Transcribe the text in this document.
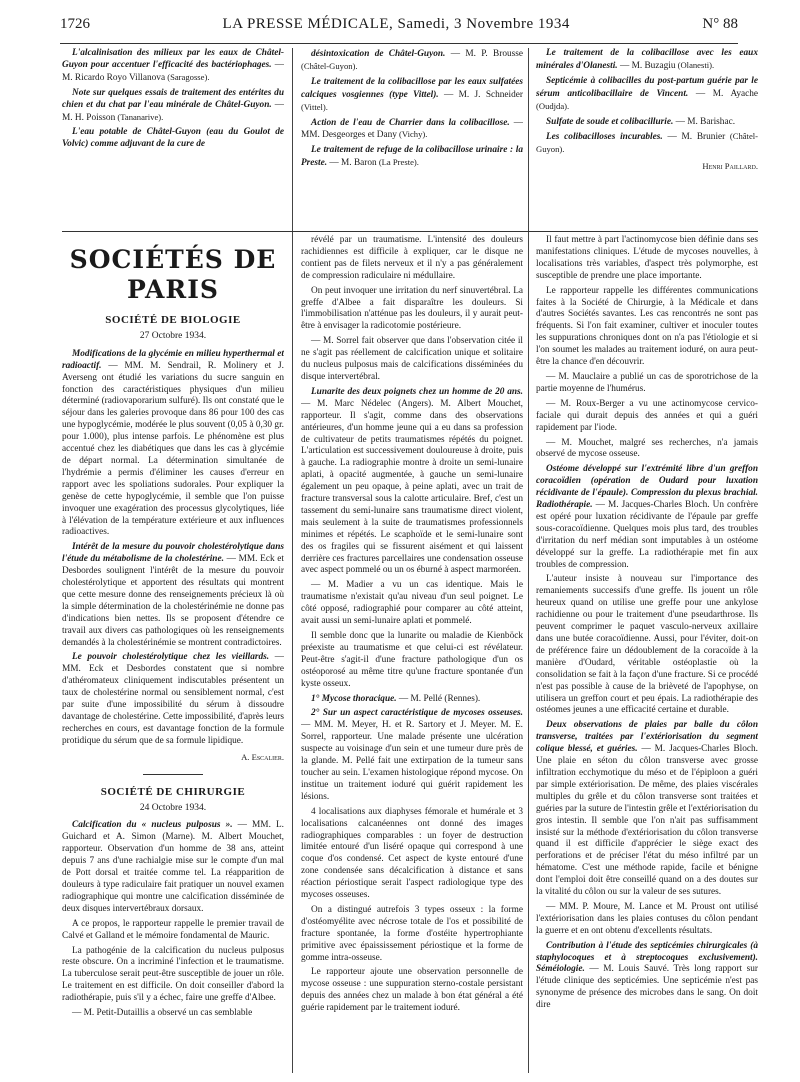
1726	LA PRESSE MÉDICALE, Samedi, 3 Novembre 1934	N° 88

L'alcalinisation des milieux par les eaux de Châtel-Guyon pour accentuer l'efficacité des bactériophages. — M. Ricardo Royo Villanova (Saragosse).

Note sur quelques essais de traitement des entérites du chien et du chat par l'eau minérale de Châtel-Guyon. — M. H. Poisson (Tananarive).

L'eau potable de Châtel-Guyon (eau du Goulot de Volvic) comme adjuvant de la cure de

désintoxication de Châtel-Guyon. — M. P. Brousse (Châtel-Guyon).

Le traitement de la colibacillose par les eaux sulfatées calciques vosgiennes (type Vittel). — M. J. Schneider (Vittel).

Action de l'eau de Charrier dans la colibacillose. — MM. Desgeorges et Dany (Vichy).

Le traitement de refuge de la colibacillose urinaire : la Preste. — M. Baron (La Preste).

Le traitement de la colibacillose avec les eaux minérales d'Olanesti. — M. Buzagiu (Olanesti).

Septicémie à colibacilles du post-partum guérie par le sérum anticolibacillaire de Vincent. — M. Ayache (Oudjda).

Sulfate de soude et colibacillurie. — M. Barishac.

Les colibacilloses incurables. — M. Brunier (Châtel-Guyon).

Henri Paillard.
SOCIÉTÉS DE PARIS
SOCIÉTÉ DE BIOLOGIE
27 Octobre 1934.

Modifications de la glycémie en milieu hyperthermal et radioactif. — MM. M. Sendrail, R. Molinery et J. Averseng ont étudié les variations du sucre sanguin en fonction des caractéristiques physiques d'un milieu déterminé (radiovaporarium sulfuré). Ils ont constaté que le séjour dans les galeries provoque dans 86 pour 100 des cas une hypoglycémie, modérée le plus souvent (0,05 à 0,30 gr. pour 1.000), plus intense parfois. Le phénomène est plus accentué chez les diabétiques que dans les cas à glycémie de départ normal. La détermination simultanée de l'hydrémie a permis d'éliminer les causes d'erreur en rapport avec les spoliations sudorales. Pour expliquer la genèse de cette hypoglycémie, il semble que l'on puisse invoquer une exagération des processus glycolytiques, liée à l'élévation de la température extérieure et aux influences radioactives.

Intérêt de la mesure du pouvoir cholestérolytique dans l'étude du métabolisme de la cholestérine. — MM. Eck et Desbordes soulignent l'intérêt de la mesure du pouvoir cholestérolytique et apportent des résultats qui montrent que cette mesure donne des renseignements précieux là où la simple détermination de la cholestérinémie ne donne pas d'indications bien nettes. Ils se proposent d'étendre ce travail aux divers cas pathologiques où les renseignements demandés à la cholestérinémie se montrent contradictoires.

Le pouvoir cholestérolytique chez les vieillards. — MM. Eck et Desbordes constatent que si nombre d'athéromateux cliniquement indiscutables présentent un taux de cholestérine normal ou sensiblement normal, c'est par suite d'une impossibilité du sérum à dissoudre davantage de cholestérine. Cette impossibilité, d'après leurs recherches en cours, est davantage fonction de la formule protidique du sérum que de sa formule lipidique.

A. Escalier.
SOCIÉTÉ DE CHIRURGIE
24 Octobre 1934.

Calcification du « nucleus pulposus ». — MM. L. Guichard et A. Simon (Marne). M. Albert Mouchet, rapporteur. Observation d'un homme de 38 ans, atteint depuis 7 ans d'une rachialgie mise sur le compte d'un mal de Pott dorsal et traitée comme tel. La réapparition de douleurs à type radiculaire fait pratiquer un nouvel examen radiographique qui montre une calcification disséminée de deux disques intervertébraux dorsaux.

A ce propos, le rapporteur rappelle le premier travail de Calvé et Galland et le mémoire fondamental de Mauric.

La pathogénie de la calcification du nucleus pulposus reste obscure. On a incriminé l'infection et le traumatisme. La tuberculose serait peut-être susceptible de jouer un rôle. Le traitement en est difficile. On doit conseiller d'abord la radiothérapie, puis s'il y a échec, faire une greffe d'Albee.

— M. Petit-Dutaillis a observé un cas semblable

révélé par un traumatisme. L'intensité des douleurs rachidiennes est difficile à expliquer, car le disque ne contient pas de filets nerveux et il n'y a pas généralement de compression radiculaire ni médullaire.

On peut invoquer une irritation du nerf sinuvertébral. La greffe d'Albee a fait disparaître les douleurs. Si l'immobilisation n'atténue pas les douleurs, il y aurait peut-être à envisager la radicotomie postérieure.

— M. Sorrel fait observer que dans l'observation citée il ne s'agit pas réellement de calcification unique et solitaire du nucleus pulposus mais de calcifications disséminées du disque intervertébral.

Lunarite des deux poignets chez un homme de 20 ans. — M. Marc Nédelec (Angers). M. Albert Mouchet, rapporteur. Il s'agit, comme dans des observations antérieures, d'un homme jeune qui a eu dans sa profession de cultivateur de petits traumatismes répétés du poignet. L'articulation est successivement douloureuse à droite, puis à gauche. La radiographie montre à droite un semi-lunaire aplati, à opacité augmentée, à gauche un semi-lunaire également un peu opaque, à peine aplati, avec un trait de fracture transversal sous la calotte articulaire. Bref, c'est un tassement du semi-lunaire sans traumatisme direct violent, mais seulement à la suite de traumatismes professionnels minimes et répétés. Le scaphoïde et le semi-lunaire sont des os fragiles qui se fissurent aisément et qui laissent derrière ces fractures parcellaires une condensation osseuse avec aspect pommelé ou un os éburné à aspect marmoréen.

— M. Madier a vu un cas identique. Mais le traumatisme n'existait qu'au niveau d'un seul poignet. Le côté opposé, radiographié pour comparer au côté atteint, avait aussi un semi-lunaire aplati et pommelé.

Il semble donc que la lunarite ou maladie de Kienböck préexiste au traumatisme et que celui-ci est révélateur. Peut-être s'agit-il d'une fracture pathologique d'un os ostéoporosé au même titre qu'une fracture spontanée d'un kyste osseux.

1° Mycose thoracique. — M. Pellé (Rennes).

2° Sur un aspect caractéristique de mycoses osseuses. — MM. M. Meyer, H. et R. Sartory et J. Meyer. M. E. Sorrel, rapporteur. Une malade présente une ulcération suspecte au voisinage d'un sein et une tumeur dure près de la glande. M. Pellé fait une extirpation de la tumeur sans toucher au sein. L'examen histologique répond mycose. On institue un traitement ioduré qui guérit rapidement les lésions.

4 localisations aux diaphyses fémorale et humérale et 3 localisations calcanéennes ont donné des images radiographiques comparables : un foyer de destruction limitée entouré d'un liséré opaque qui correspond à une coque d'os condensé. Cet aspect de kyste entouré d'une zone condensée sans décalcification à distance et sans réaction périostique serait l'aspect radiologique type des mycoses osseuses.

On a distingué autrefois 3 types osseux : la forme d'ostéomyélite avec nécrose totale de l'os et possibilité de fracture spontanée, la forme d'ostéite hypertrophiante primitive avec épaississement périostique et la forme de gomme intra-osseuse.

Le rapporteur ajoute une observation personnelle de mycose osseuse : une suppuration sterno-costale persistant depuis des années chez un malade à bon état général a été guérie rapidement par le traitement ioduré.

Il faut mettre à part l'actinomycose bien définie dans ses manifestations cliniques. L'étude de mycoses nouvelles, à localisations très variables, d'aspect très polymorphe, est susceptible de prendre une place importante.

Le rapporteur rappelle les différentes communications faites à la Société de Chirurgie, à la Médicale et dans d'autres Sociétés savantes. Les cas rencontrés ne sont pas fréquents. Si l'on fait examiner, cultiver et inoculer toutes les suppurations chroniques dont on n'a pas l'étiologie et si l'on soumet les malades au traitement ioduré, on aura peut-être la chance d'en découvrir.

— M. Mauclaire a publié un cas de sporotrichose de la partie moyenne de l'humérus.

— M. Roux-Berger a vu une actinomycose cervico-faciale qui durait depuis des années et qui a guéri rapidement par l'iode.

— M. Mouchet, malgré ses recherches, n'a jamais observé de mycose osseuse.

Ostéome développé sur l'extrémité libre d'un greffon coracoïdien (opération de Oudard pour luxation récidivante de l'épaule). Compression du plexus brachial. Radiothérapie. — M. Jacques-Charles Bloch. Un confrère est opéré pour luxation récidivante de l'épaule par greffe sous-coracoïdienne. Quelques mois plus tard, des troubles d'irritation du nerf médian sont imputables à un ostéome développé sur la greffe. La radiothérapie met fin aux troubles de compression.

L'auteur insiste à nouveau sur l'importance des remaniements successifs d'une greffe. Ils jouent un rôle heureux quand on utilise une greffe pour une ankylose rachidienne ou pour le traitement d'une pseudarthrose. Ils peuvent comprimer le paquet vasculo-nerveux axillaire dans une butée coracoïdienne. Aussi, pour l'éviter, doit-on de préférence faire un dédoublement de la coracoïde à la manière d'Oudard, véritable ostéoplastie où la consolidation se fait à la façon d'une fracture. Si ce procédé n'est pas possible à cause de la brièveté de l'apophyse, on utilisera un greffon court et peu épais. La radiothérapie des ostéomes jeunes a une efficacité certaine et durable.

Deux observations de plaies par balle du côlon transverse, traitées par l'extériorisation du segment colique blessé, et guéries. — M. Jacques-Charles Bloch. Une plaie en séton du côlon transverse avec grosse infiltration ecchymotique du méso et de l'épiploon a guéri par simple extériorisation. De même, des plaies viscérales multiples du grêle et du côlon transverse sont traitées et guéries par la suture de l'intestin grêle et l'extériorisation du gros intestin. Il semble que l'on n'ait pas suffisamment insisté sur la méthode d'extériorisation du côlon transverse quand il est difficile d'apprécier le siège exact des perforations et de préciser l'état du méso infiltré par un hématome. C'est une méthode rapide, facile et bénigne dont l'emploi doit être conseillé quand on a des doutes sur la vitalité du côlon ou sur la valeur de ses sutures.

— MM. P. Moure, M. Lance et M. Proust ont utilisé l'extériorisation dans les plaies contuses du côlon pendant la guerre et en ont obtenu d'excellents résultats.

Contribution à l'étude des septicémies chirurgicales (à staphylocoques et à streptocoques exclusivement). Séméiologie. — M. Louis Sauvé. Très long rapport sur l'étude clinique des septicémies. Une septicémie n'est pas synonyme de présence des microbes dans le sang. On doit dire
